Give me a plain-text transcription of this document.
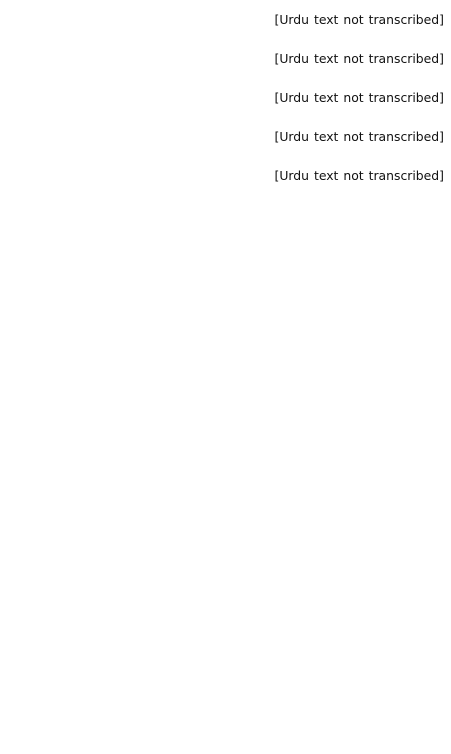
[Urdu text not transcribed]

[Urdu text not transcribed]

[Urdu text not transcribed]

[Urdu text not transcribed]

[Urdu text not transcribed]
